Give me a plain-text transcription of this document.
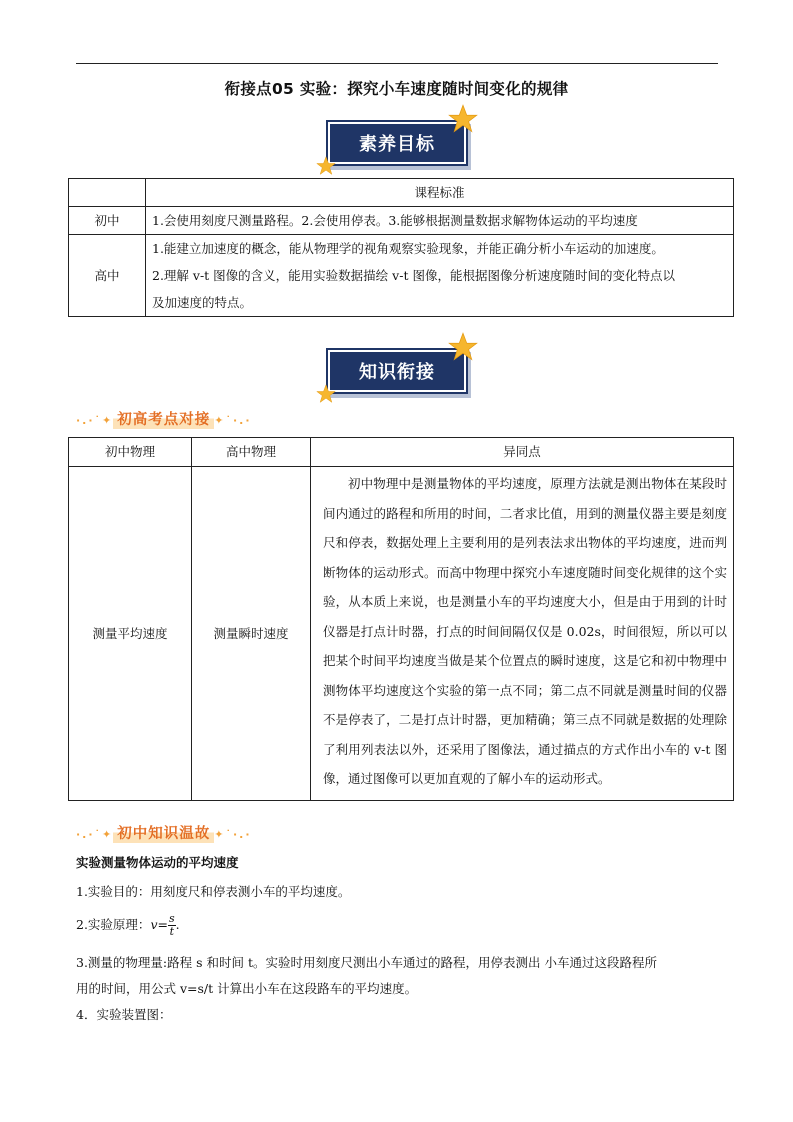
衔接点05 实验：探究小车速度随时间变化的规律
素养目标
	课程标准
初中	1.会使用刻度尺测量路程。2.会使用停表。3.能够根据测量数据求解物体运动的平均速度
高中	1.能建立加速度的概念，能从物理学的视角观察实验现象，并能正确分析小车运动的加速度。
2.理解 v-t 图像的含义，能用实验数据描绘 v-t 图像，能根据图像分析速度随时间的变化特点以
及加速度的特点。
知识衔接
·.·˙✦ 初高考点对接 ✦˙·.·
初中物理	高中物理	异同点
测量平均速度	测量瞬时速度	初中物理中是测量物体的平均速度，原理方法就是测出物体在某段时间内通过的路程和所用的时间，二者求比值，用到的测量仪器主要是刻度尺和停表，数据处理上主要利用的是列表法求出物体的平均速度，进而判断物体的运动形式。而高中物理中探究小车速度随时间变化规律的这个实验，从本质上来说，也是测量小车的平均速度大小，但是由于用到的计时仪器是打点计时器，打点的时间间隔仅仅是 0.02s，时间很短，所以可以把某个时间平均速度当做是某个位置点的瞬时速度，这是它和初中物理中测物体平均速度这个实验的第一点不同；第二点不同就是测量时间的仪器不是停表了，二是打点计时器，更加精确；第三点不同就是数据的处理除了利用列表法以外，还采用了图像法，通过描点的方式作出小车的 v-t 图像，通过图像可以更加直观的了解小车的运动形式。
·.·˙✦ 初中知识温故 ✦˙·.·
实验测量物体运动的平均速度
1.实验目的：用刻度尺和停表测小车的平均速度。
2.实验原理：$v= \frac{s}{t}$ .
3.测量的物理量:路程 s 和时间 t。实验时用刻度尺测出小车通过的路程，用停表测出 小车通过这段路程所
用的时间，用公式 v=s/t 计算出小车在这段路车的平均速度。
4．实验装置图：
